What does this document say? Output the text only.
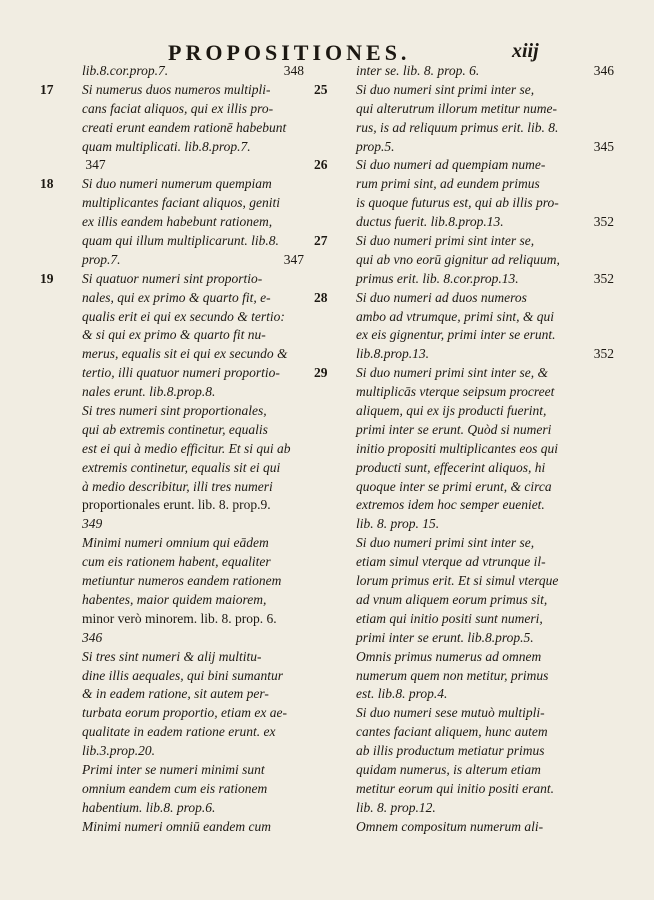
PROPOSITIONES.	xiij
lib.8.cor.prop.7.	348
17 Si numerus duos numeros multipli-
cans faciat aliquos, qui ex illis pro-
creati erunt eandem rationē habebunt
quam multiplicati. lib.8.prop.7.
347
18 Si duo numeri numerum quempiam
multiplicantes faciant aliquos, geniti
ex illis eandem habebunt rationem,
quam qui illum multiplicarunt. lib.8.
prop.7.	347
19 Si quatuor numeri sint proportio-
nales, qui ex primo & quarto fit, e-
qualis erit ei qui ex secundo & tertio:
& si qui ex primo & quarto fit nu-
merus, equalis sit ei qui ex secundo &
tertio, illi quatuor numeri proportio-
nales erunt. lib.8.prop.8.
Si tres numeri sint proportionales,
qui ab extremis continetur, equalis
est ei qui à medio efficitur. Et si qui ab
extremis continetur, equalis sit ei qui
à medio describitur, illi tres numeri
proportionales erunt. lib. 8. prop.9.
349
Minimi numeri omnium qui eādem
cum eis rationem habent, equaliter
metiuntur numeros eandem rationem
habentes, maior quidem maiorem,
minor verò minorem. lib. 8. prop. 6.
346
Si tres sint numeri & alij multitu-
dine illis aequales, qui bini sumantur
& in eadem ratione, sit autem per-
turbata eorum proportio, etiam ex ae-
qualitate in eadem ratione erunt. ex
lib.3.prop.20.
Primi inter se numeri minimi sunt
omnium eandem cum eis rationem
habentium. lib.8. prop.6.
Minimi numeri omniū eandem cum
inter se. lib. 8. prop. 6.	346
25 Si duo numeri sint primi inter se,
qui alterutrum illorum metitur nume-
rus, is ad reliquum primus erit. lib. 8.
prop.5.	345
26 Si duo numeri ad quempiam nume-
rum primi sint, ad eundem primus
is quoque futurus est, qui ab illis pro-
ductus fuerit. lib.8.prop.13.	352
27 Si duo numeri primi sint inter se,
qui ab vno eorū gignitur ad reliquum,
primus erit. lib. 8.cor.prop.13.	352
28 Si duo numeri ad duos numeros
ambo ad vtrumque, primi sint, & qui
ex eis gignentur, primi inter se erunt.
lib.8.prop.13.	352
29 Si duo numeri primi sint inter se, &
multiplicās vterque seipsum procreet
aliquem, qui ex ijs producti fuerint,
primi inter se erunt. Quòd si numeri
initio propositi multiplicantes eos qui
producti sunt, effecerint aliquos, hi
quoque inter se primi erunt, & circa
extremos idem hoc semper eueniet.
lib. 8. prop. 15.
Si duo numeri primi sint inter se,
etiam simul vterque ad vtrunque il-
lorum primus erit. Et si simul vterque
ad vnum aliquem eorum primus sit,
etiam qui initio positi sunt numeri,
primi inter se erunt. lib.8.prop.5.
Omnis primus numerus ad omnem
numerum quem non metitur, primus
est. lib.8. prop.4.
Si duo numeri sese mutuò multipli-
cantes faciant aliquem, hunc autem
ab illis productum metiatur primus
quidam numerus, is alterum etiam
metitur eorum qui initio positi erant.
lib. 8. prop.12.
Omnem compositum numerum ali-
